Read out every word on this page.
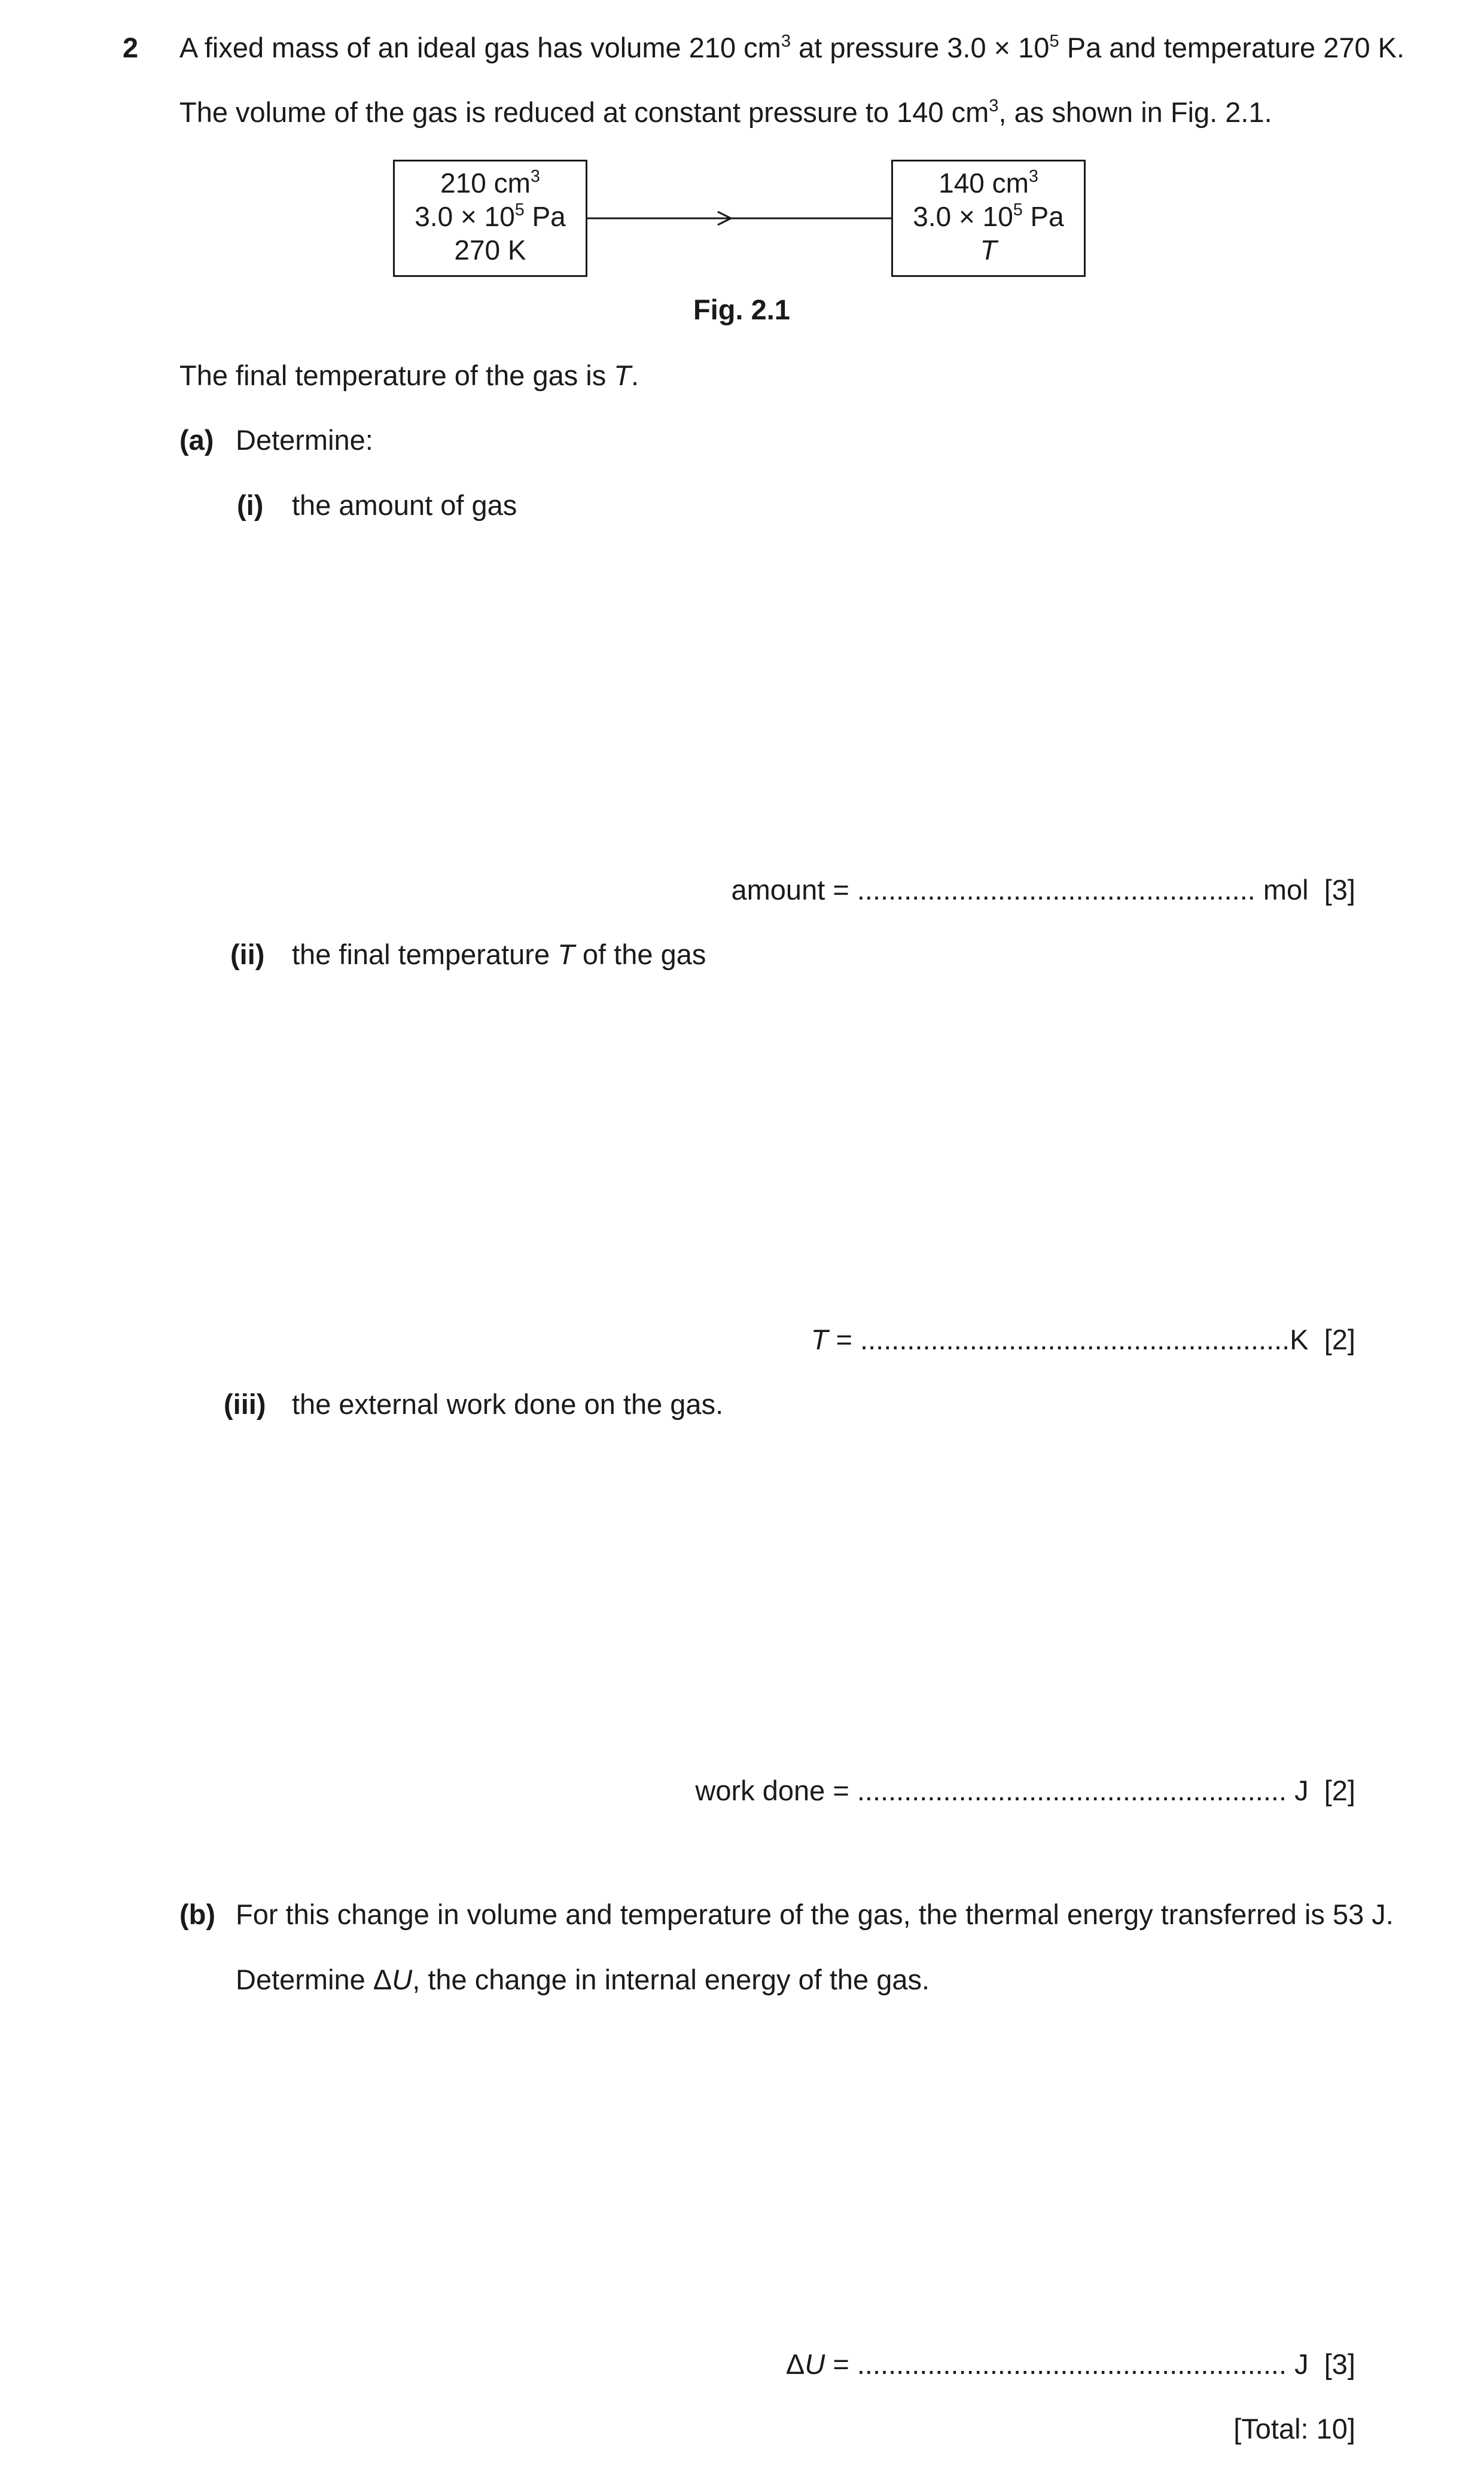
2 A fixed mass of an ideal gas has volume 210 $cm^3$ at pressure $3.0 \times 10^5$ Pa and temperature 270 K.
The volume of the gas is reduced at constant pressure to 140 $cm^3$, as shown in Fig. 2.1.
210 $cm^3$
$3.0 \times 10^5$ Pa
270 K
140 $cm^3$
$3.0 \times 10^5$ Pa
T
Fig. 2.1
The final temperature of the gas is T.
(a) Determine:
(i) the amount of gas
amount = ................................................... mol [3]
(ii) the final temperature T of the gas
T = .......................................................K [2]
(iii) the external work done on the gas.
work done = ....................................................... J [2]
(b) For this change in volume and temperature of the gas, the thermal energy transferred is 53 J.
Determine ΔU, the change in internal energy of the gas.
ΔU = ....................................................... J [3]
[Total: 10]
